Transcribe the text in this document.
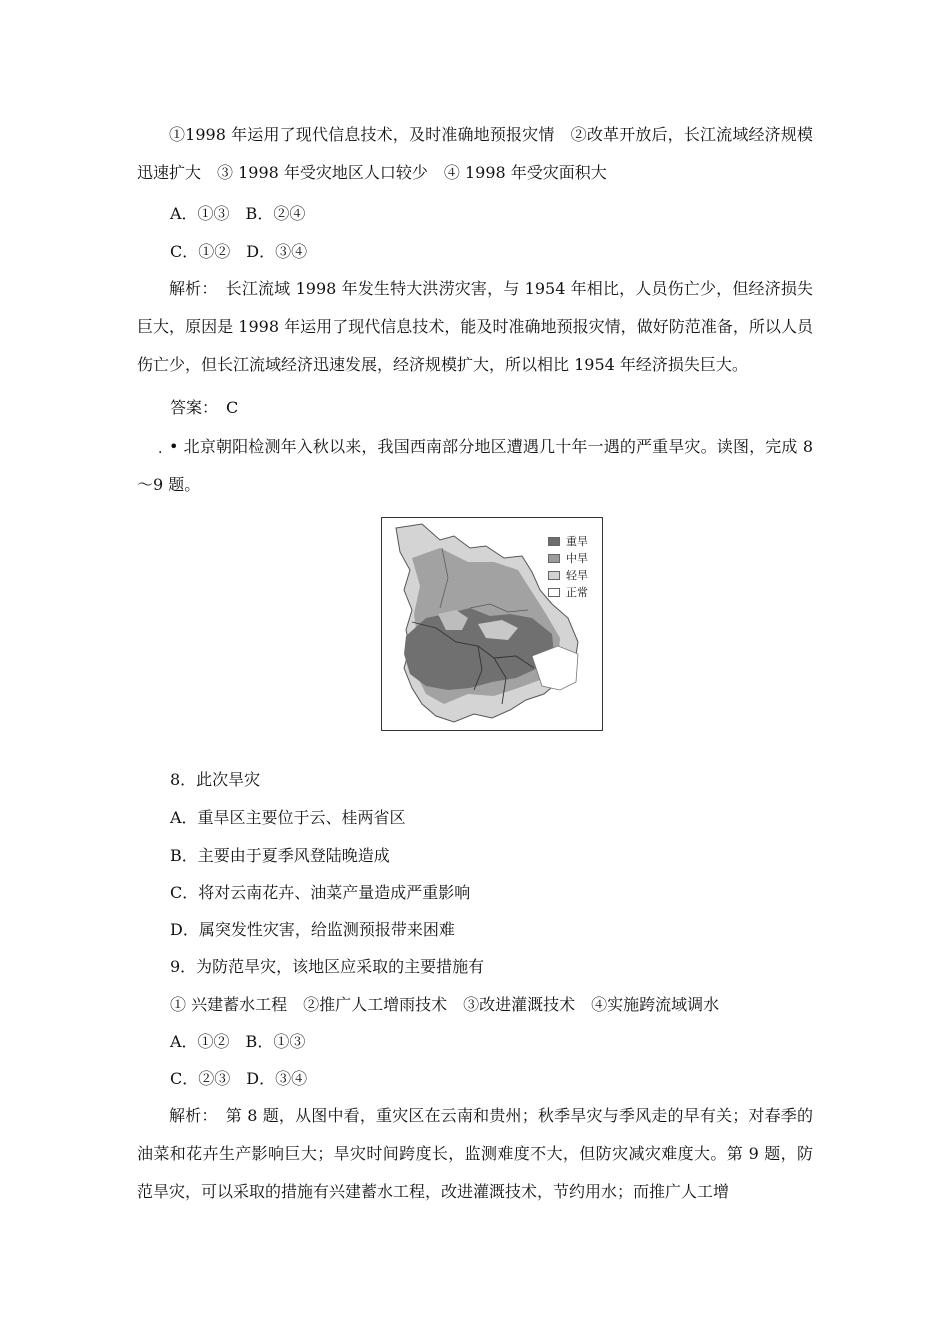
①1998 年运用了现代信息技术，及时准确地预报灾情　②改革开放后，长江流域经济规模迅速扩大　③ 1998 年受灾地区人口较少　④ 1998 年受灾面积大

A．①③　B．②④

C．①②　D．③④

解析：　长江流域 1998 年发生特大洪涝灾害，与 1954 年相比，人员伤亡少，但经济损失巨大，原因是 1998 年运用了现代信息技术，能及时准确地预报灾情，做好防范准备，所以人员伤亡少，但长江流域经济迅速发展，经济规模扩大，所以相比 1954 年经济损失巨大。

答案：　C

. • 北京朝阳检测年入秋以来，我国西南部分地区遭遇几十年一遇的严重旱灾。读图，完成 8～9 题。

重旱
中旱
轻旱
正常

8．此次旱灾

A．重旱区主要位于云、桂两省区

B．主要由于夏季风登陆晚造成

C．将对云南花卉、油菜产量造成严重影响

D．属突发性灾害，给监测预报带来困难

9．为防范旱灾，该地区应采取的主要措施有

① 兴建蓄水工程　②推广人工增雨技术　③改进灌溉技术　④实施跨流域调水

A．①②　B．①③

C．②③　D．③④

解析：　第 8 题，从图中看，重灾区在云南和贵州；秋季旱灾与季风走的早有关；对春季的油菜和花卉生产影响巨大；旱灾时间跨度长，监测难度不大，但防灾减灾难度大。第 9 题，防范旱灾，可以采取的措施有兴建蓄水工程，改进灌溉技术，节约用水；而推广人工增
